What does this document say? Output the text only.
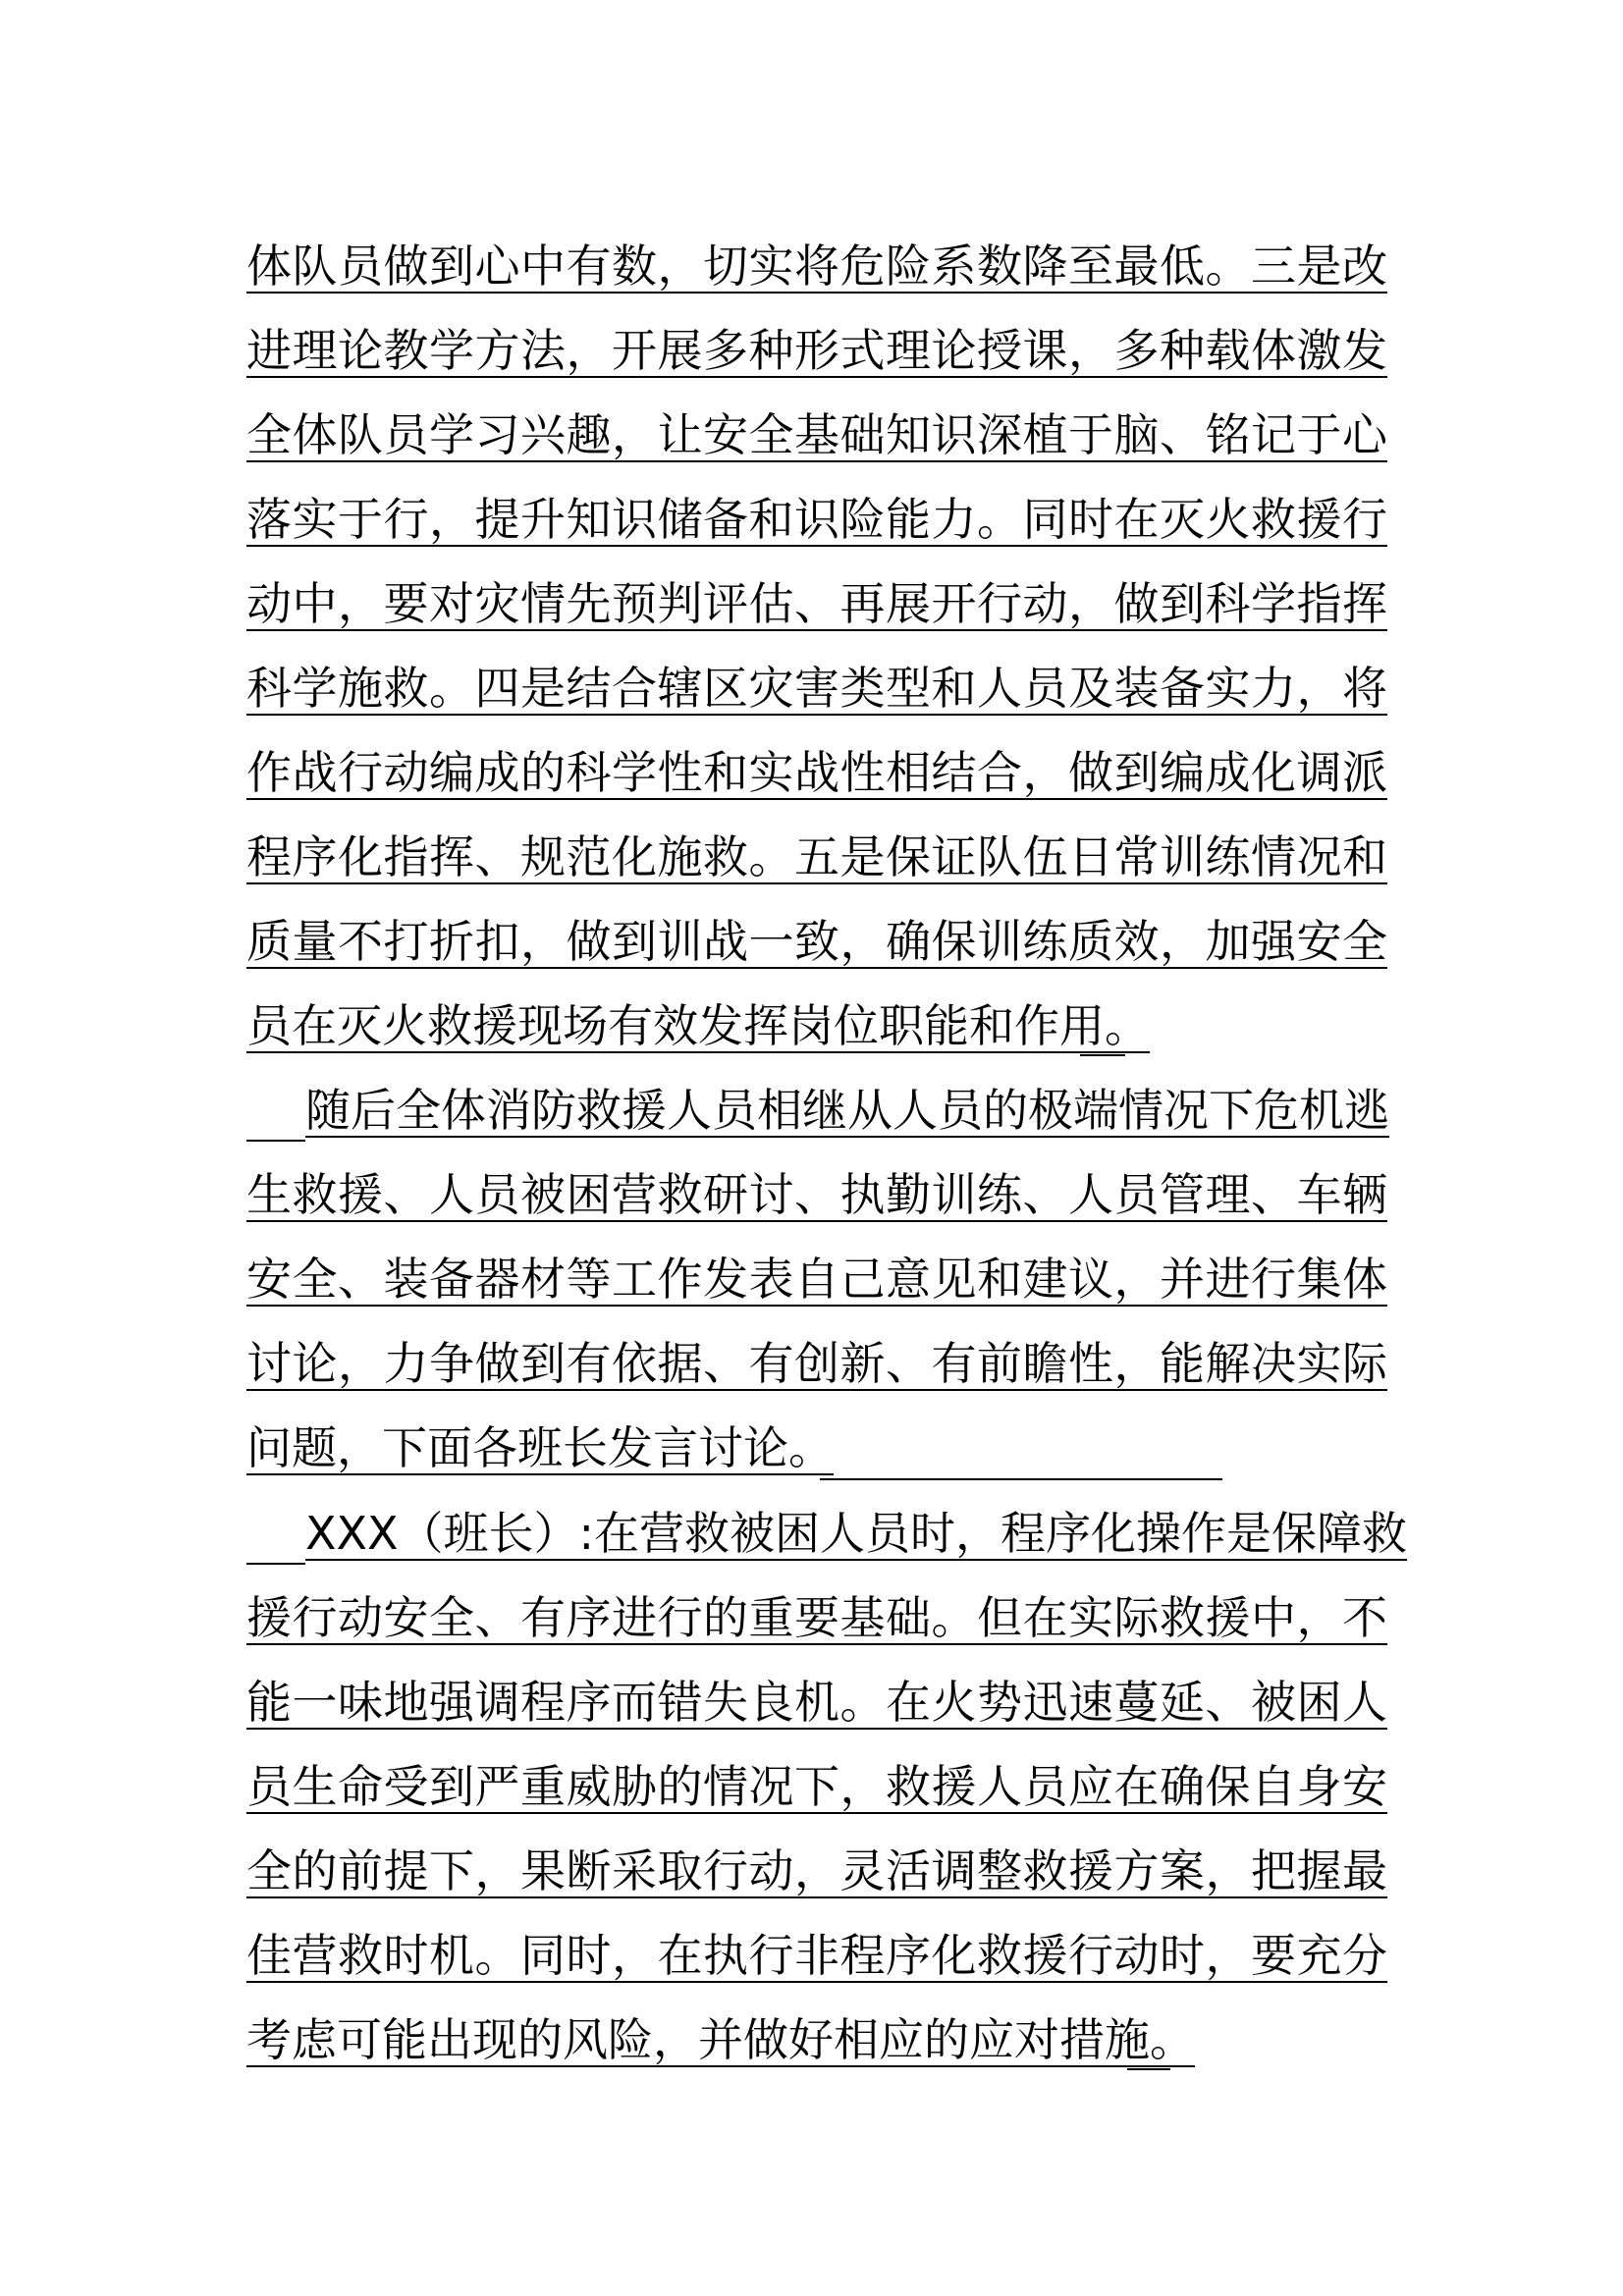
体队员做到心中有数，切实将危险系数降至最低。三是改
进理论教学方法，开展多种形式理论授课，多种载体激发
全体队员学习兴趣，让安全基础知识深植于脑、铭记于心
落实于行，提升知识储备和识险能力。同时在灭火救援行
动中，要对灾情先预判评估、再展开行动，做到科学指挥
科学施救。四是结合辖区灾害类型和人员及装备实力，将
作战行动编成的科学性和实战性相结合，做到编成化调派
程序化指挥、规范化施救。五是保证队伍日常训练情况和
质量不打折扣，做到训战一致，确保训练质效，加强安全
员在灭火救援现场有效发挥岗位职能和作用。
随后全体消防救援人员相继从人员的极端情况下危机逃
生救援、人员被困营救研讨、执勤训练、人员管理、车辆
安全、装备器材等工作发表自己意见和建议，并进行集体
讨论，力争做到有依据、有创新、有前瞻性，能解决实际
问题，下面各班长发言讨论。
XXX（班长）:在营救被困人员时，程序化操作是保障救
援行动安全、有序进行的重要基础。但在实际救援中，不
能一味地强调程序而错失良机。在火势迅速蔓延、被困人
员生命受到严重威胁的情况下，救援人员应在确保自身安
全的前提下，果断采取行动，灵活调整救援方案，把握最
佳营救时机。同时，在执行非程序化救援行动时，要充分
考虑可能出现的风险，并做好相应的应对措施。
